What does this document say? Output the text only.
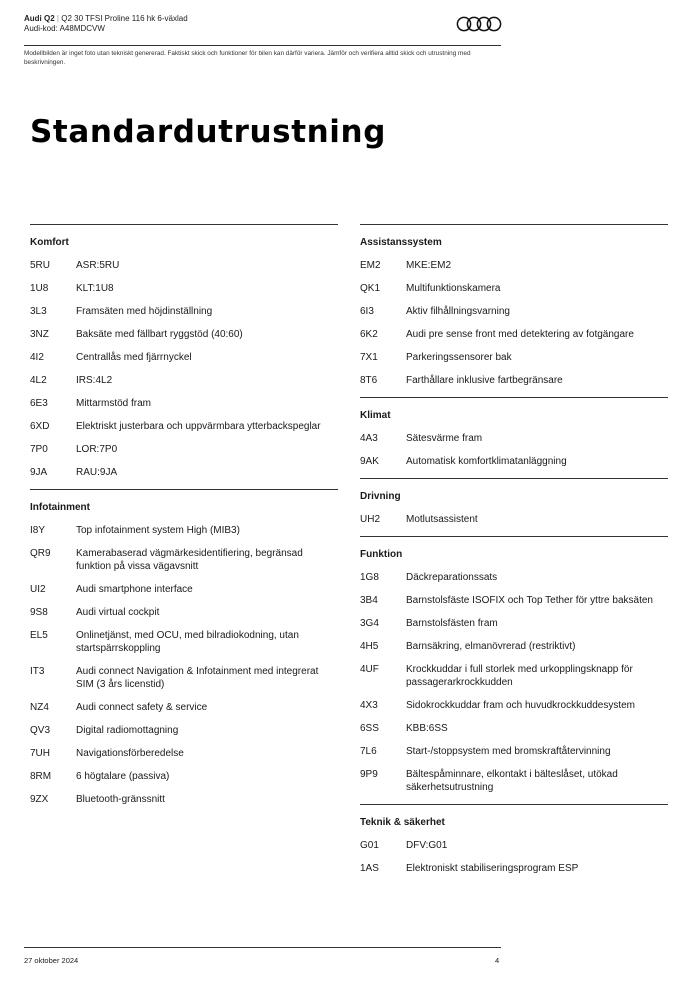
Audi Q2 | Q2 30 TFSI Proline 116 hk 6-växlad
Audi-kod: A48MDCVW
Modellbilden är inget foto utan tekniskt genererad. Faktiskt skick och funktioner för bilen kan därför variera. Jämför och verifiera alltid skick och utrustning med beskrivningen.
Standardutrustning
Komfort
5RU	ASR:5RU
1U8	KLT:1U8
3L3	Framsäten med höjdinställning
3NZ	Baksäte med fällbart ryggstöd (40:60)
4I2	Centrallås med fjärrnyckel
4L2	IRS:4L2
6E3	Mittarmstöd fram
6XD	Elektriskt justerbara och uppvärmbara ytterbackspeglar
7P0	LOR:7P0
9JA	RAU:9JA
Infotainment
I8Y	Top infotainment system High (MIB3)
QR9	Kamerabaserad vägmärkesidentifiering, begränsad funktion på vissa vägavsnitt
UI2	Audi smartphone interface
9S8	Audi virtual cockpit
EL5	Onlinetjänst, med OCU, med bilradiokodning, utan startspärrskoppling
IT3	Audi connect Navigation & Infotainment med integrerat SIM (3 års licenstid)
NZ4	Audi connect safety & service
QV3	Digital radiomottagning
7UH	Navigationsförberedelse
8RM	6 högtalare (passiva)
9ZX	Bluetooth-gränssnitt
Assistanssystem
EM2	MKE:EM2
QK1	Multifunktionskamera
6I3	Aktiv filhållningsvarning
6K2	Audi pre sense front med detektering av fotgängare
7X1	Parkeringssensorer bak
8T6	Farthållare inklusive fartbegränsare
Klimat
4A3	Sätesvärme fram
9AK	Automatisk komfortklimatanläggning
Drivning
UH2	Motlutsassistent
Funktion
1G8	Däckreparationssats
3B4	Barnstolsfäste ISOFIX och Top Tether för yttre baksäten
3G4	Barnstolsfästen fram
4H5	Barnsäkring, elmanövrerad (restriktivt)
4UF	Krockkuddar i full storlek med urkopplingsknapp för passagerarkrockkudden
4X3	Sidokrockkuddar fram och huvudkrockkuddesystem
6SS	KBB:6SS
7L6	Start-/stoppsystem med bromskraftåtervinning
9P9	Bältespåminnare, elkontakt i bälteslåset, utökad säkerhetsutrustning
Teknik & säkerhet
G01	DFV:G01
1AS	Elektroniskt stabiliseringsprogram ESP
27 oktober 2024	4
